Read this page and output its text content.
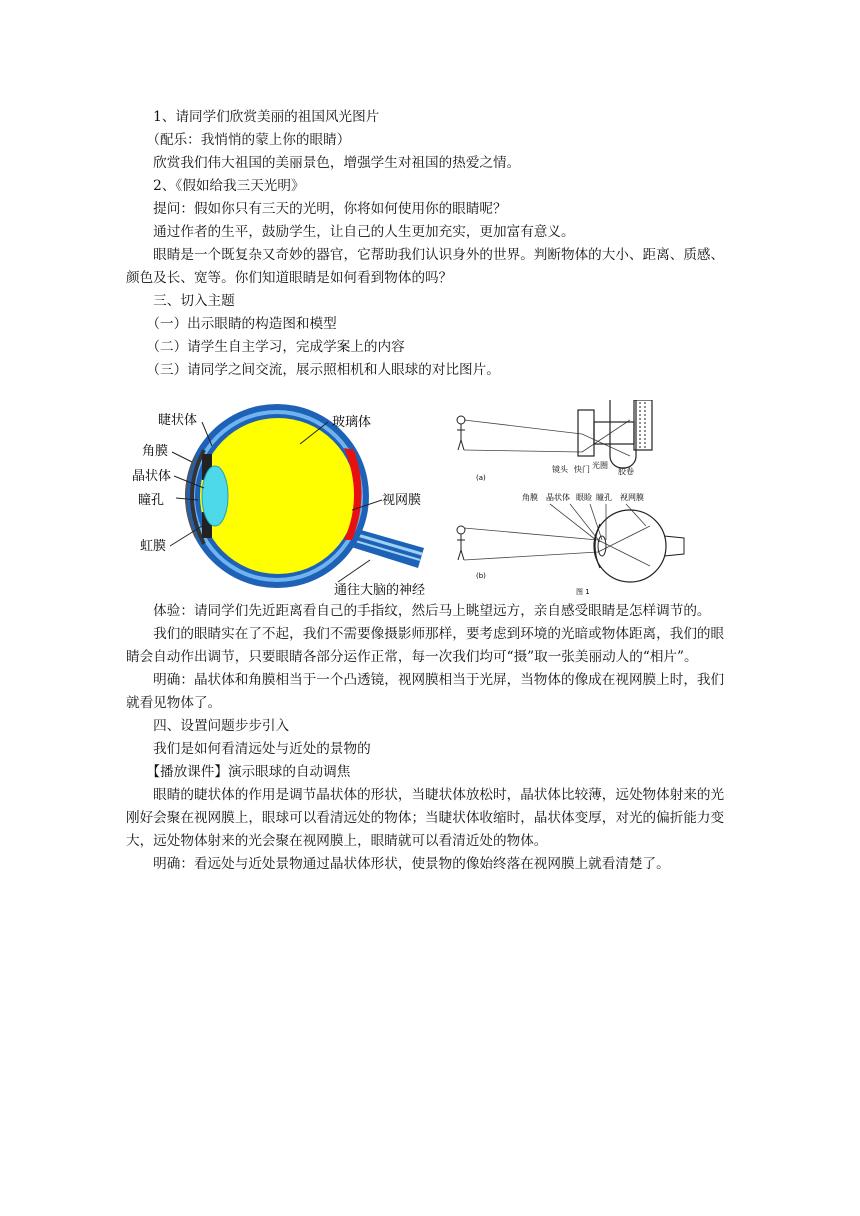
　　1、请同学们欣赏美丽的祖国风光图片

　　（配乐：我悄悄的蒙上你的眼睛）

　　欣赏我们伟大祖国的美丽景色，增强学生对祖国的热爱之情。

　　2、《假如给我三天光明》

　　提问：假如你只有三天的光明，你将如何使用你的眼睛呢？

　　通过作者的生平，鼓励学生，让自己的人生更加充实，更加富有意义。

　　眼睛是一个既复杂又奇妙的器官，它帮助我们认识身外的世界。判断物体的大小、距离、质感、颜色及长、宽等。你们知道眼睛是如何看到物体的吗？

　　三、切入主题

　　（一）出示眼睛的构造图和模型

　　（二）请学生自主学习，完成学案上的内容

　　（三）请同学之间交流，展示照相机和人眼球的对比图片。

睫状体
角膜
晶状体
瞳孔
虹膜
玻璃体
视网膜
通往大脑的神经
(a)
镜头 快门 光圈
胶卷
(b)
角膜 晶状体 眼睑 瞳孔 视网膜
图 1

　　体验：请同学们先近距离看自己的手指纹，然后马上眺望远方，亲自感受眼睛是怎样调节的。

　　我们的眼睛实在了不起，我们不需要像摄影师那样，要考虑到环境的光暗或物体距离，我们的眼睛会自动作出调节，只要眼睛各部分运作正常，每一次我们均可“摄”取一张美丽动人的“相片”。

　　明确：晶状体和角膜相当于一个凸透镜，视网膜相当于光屏，当物体的像成在视网膜上时，我们就看见物体了。

　　四、设置问题步步引入

　　我们是如何看清远处与近处的景物的

　　【播放课件】演示眼球的自动调焦

　　眼睛的睫状体的作用是调节晶状体的形状，当睫状体放松时，晶状体比较薄，远处物体射来的光刚好会聚在视网膜上，眼球可以看清远处的物体；当睫状体收缩时，晶状体变厚，对光的偏折能力变大，远处物体射来的光会聚在视网膜上，眼睛就可以看清近处的物体。

　　明确：看远处与近处景物通过晶状体形状，使景物的像始终落在视网膜上就看清楚了。
